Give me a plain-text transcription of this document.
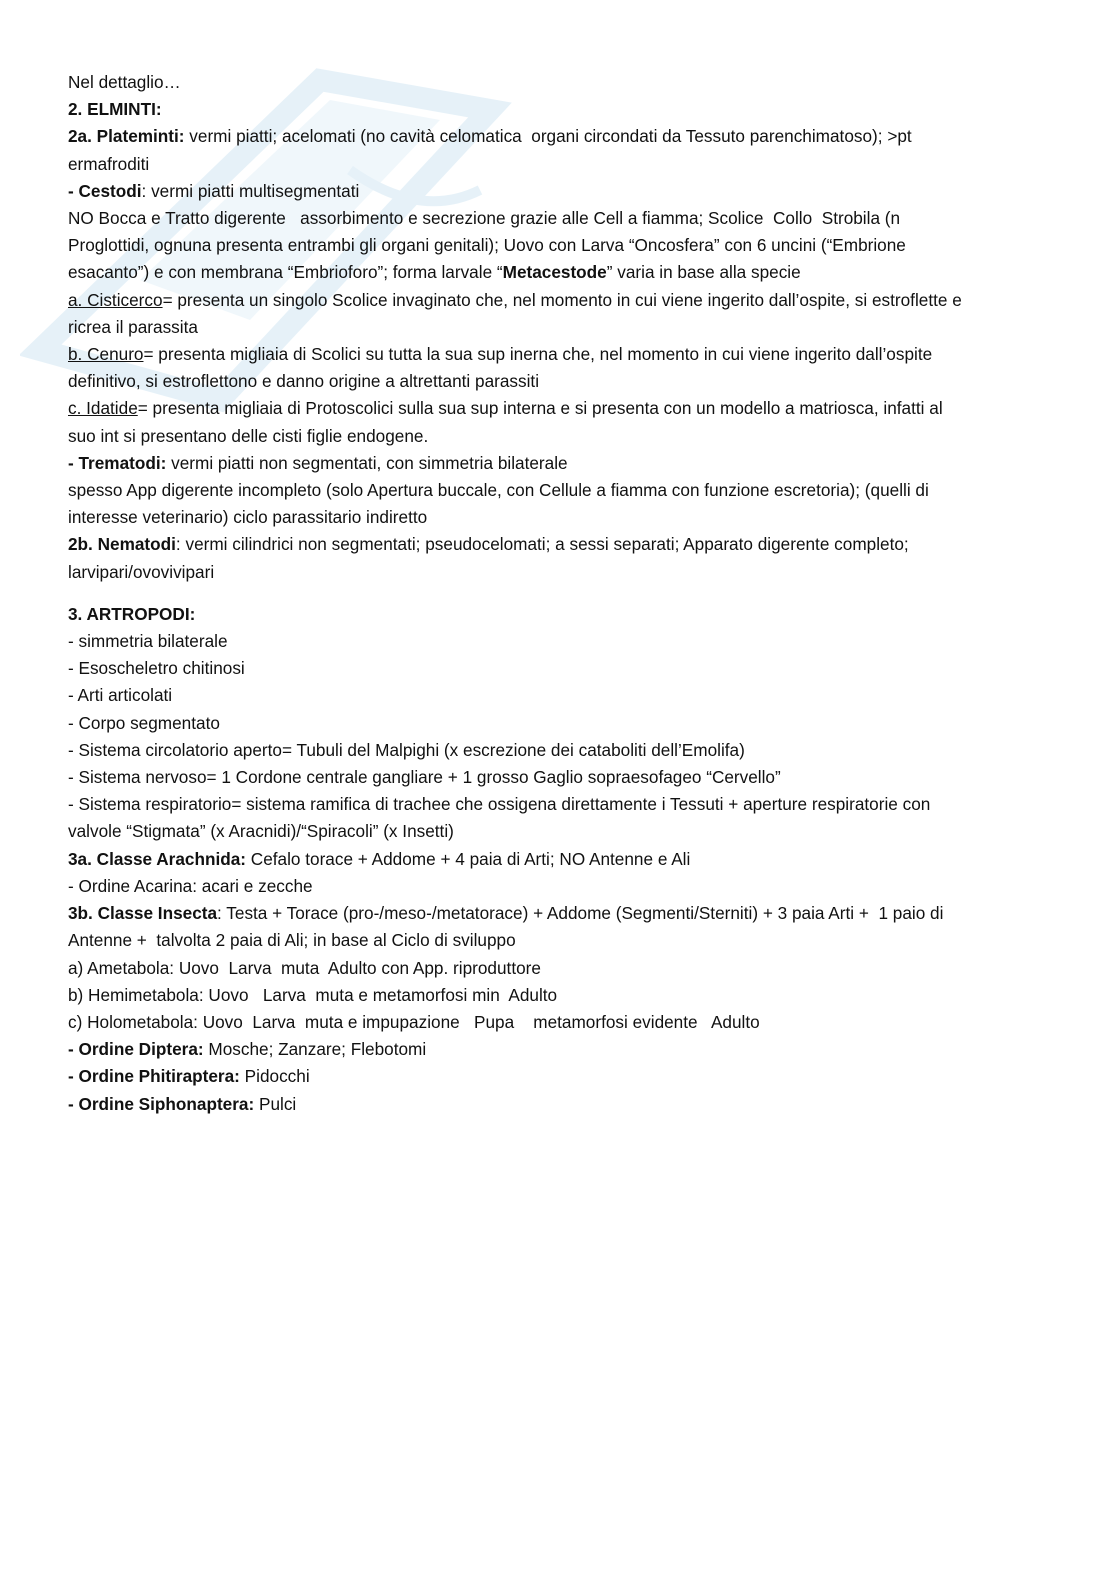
Nel dettaglio…

2. ELMINTI:

2a. Plateminti: vermi piatti; acelomati (no cavità celomatica  organi circondati da Tessuto parenchimatoso); >pt

ermafroditi

- Cestodi: vermi piatti multisegmentati

NO Bocca e Tratto digerente   assorbimento e secrezione grazie alle Cell a fiamma; Scolice  Collo  Strobila (n

Proglottidi, ognuna presenta entrambi gli organi genitali); Uovo con Larva “Oncosfera” con 6 uncini (“Embrione

esacanto”) e con membrana “Embrioforo”; forma larvale “Metacestode” varia in base alla specie

a. Cisticerco= presenta un singolo Scolice invaginato che, nel momento in cui viene ingerito dall’ospite, si estroflette e

ricrea il parassita

b. Cenuro= presenta migliaia di Scolici su tutta la sua sup inerna che, nel momento in cui viene ingerito dall’ospite

definitivo, si estroflettono e danno origine a altrettanti parassiti

c. Idatide= presenta migliaia di Protoscolici sulla sua sup interna e si presenta con un modello a matriosca, infatti al

suo int si presentano delle cisti figlie endogene.

- Trematodi: vermi piatti non segmentati, con simmetria bilaterale

spesso App digerente incompleto (solo Apertura buccale, con Cellule a fiamma con funzione escretoria); (quelli di

interesse veterinario) ciclo parassitario indiretto

2b. Nematodi: vermi cilindrici non segmentati; pseudocelomati; a sessi separati; Apparato digerente completo;

larvipari/ovovivipari

3. ARTROPODI:

- simmetria bilaterale

- Esoscheletro chitinosi

- Arti articolati

- Corpo segmentato

- Sistema circolatorio aperto= Tubuli del Malpighi (x escrezione dei cataboliti dell’Emolifa)

- Sistema nervoso= 1 Cordone centrale gangliare + 1 grosso Gaglio sopraesofageo “Cervello”

- Sistema respiratorio= sistema ramifica di trachee che ossigena direttamente i Tessuti + aperture respiratorie con

valvole “Stigmata” (x Aracnidi)/“Spiracoli” (x Insetti)

3a. Classe Arachnida: Cefalo torace + Addome + 4 paia di Arti; NO Antenne e Ali

- Ordine Acarina: acari e zecche

3b. Classe Insecta: Testa + Torace (pro-/meso-/metatorace) + Addome (Segmenti/Sterniti) + 3 paia Arti +  1 paio di

Antenne +  talvolta 2 paia di Ali; in base al Ciclo di sviluppo

a) Ametabola: Uovo  Larva  muta  Adulto con App. riproduttore

b) Hemimetabola: Uovo   Larva  muta e metamorfosi min  Adulto

c) Holometabola: Uovo  Larva  muta e impupazione   Pupa    metamorfosi evidente   Adulto

- Ordine Diptera: Mosche; Zanzare; Flebotomi

- Ordine Phitiraptera: Pidocchi

- Ordine Siphonaptera: Pulci
